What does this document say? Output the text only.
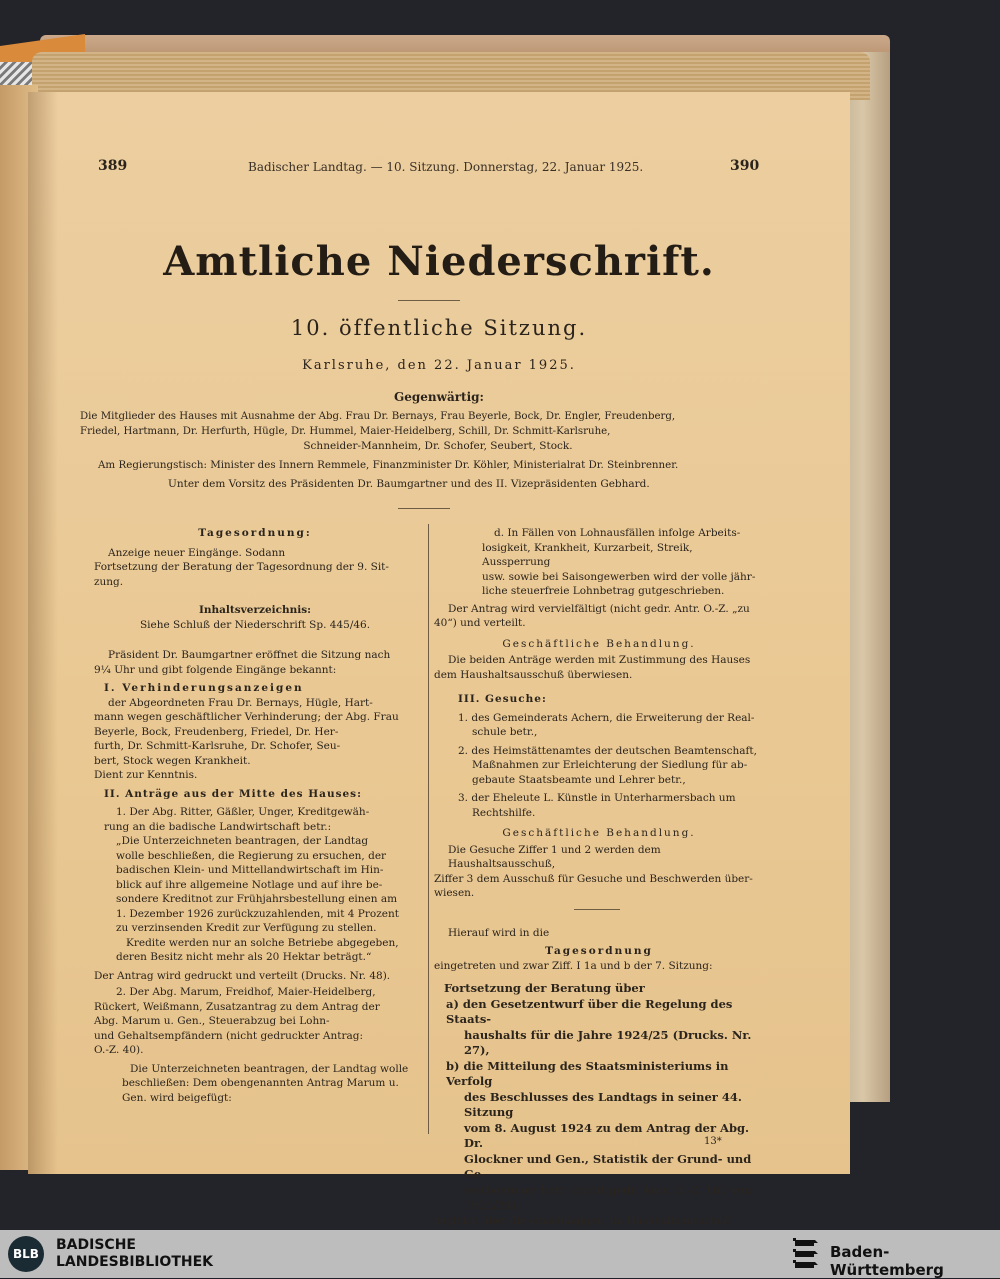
389	Badischer Landtag. — 10. Sitzung. Donnerstag, 22. Januar 1925.	390
Amtliche Niederschrift.
10. öffentliche Sitzung.
Karlsruhe, den 22. Januar 1925.
Gegenwärtig:
Die Mitglieder des Hauses mit Ausnahme der Abg. Frau Dr. Bernays, Frau Beyerle, Bock, Dr. Engler, Freudenberg,
Friedel, Hartmann, Dr. Herfurth, Hügle, Dr. Hummel, Maier-Heidelberg, Schill, Dr. Schmitt-Karlsruhe,
Schneider-Mannheim, Dr. Schofer, Seubert, Stock.
Am Regierungstisch: Minister des Innern Remmele, Finanzminister Dr. Köhler, Ministerialrat Dr. Steinbrenner.
Unter dem Vorsitz des Präsidenten Dr. Baumgartner und des II. Vizepräsidenten Gebhard.
Tagesordnung:
Anzeige neuer Eingänge. Sodann
Fortsetzung der Beratung der Tagesordnung der 9. Sit-
zung.
Inhaltsverzeichnis:
Siehe Schluß der Niederschrift Sp. 445/46.
Präsident Dr. Baumgartner eröffnet die Sitzung nach
9¼ Uhr und gibt folgende Eingänge bekannt:
I. Verhinderungsanzeigen
der Abgeordneten Frau Dr. Bernays, Hügle, Hart-
mann wegen geschäftlicher Verhinderung; der Abg. Frau
Beyerle, Bock, Freudenberg, Friedel, Dr. Her-
furth, Dr. Schmitt-Karlsruhe, Dr. Schofer, Seu-
bert, Stock wegen Krankheit.
Dient zur Kenntnis.
II. Anträge aus der Mitte des Hauses:
1. Der Abg. Ritter, Gäßler, Unger, Kreditgewäh-
rung an die badische Landwirtschaft betr.:
„Die Unterzeichneten beantragen, der Landtag
wolle beschließen, die Regierung zu ersuchen, der
badischen Klein- und Mittellandwirtschaft im Hin-
blick auf ihre allgemeine Notlage und auf ihre be-
sondere Kreditnot zur Frühjahrsbestellung einen am
1. Dezember 1926 zurückzuzahlenden, mit 4 Prozent
zu verzinsenden Kredit zur Verfügung zu stellen.
Kredite werden nur an solche Betriebe abgegeben,
deren Besitz nicht mehr als 20 Hektar beträgt.“
Der Antrag wird gedruckt und verteilt (Drucks. Nr. 48).
2. Der Abg. Marum, Freidhof, Maier-Heidelberg,
Rückert, Weißmann, Zusatzantrag zu dem Antrag der
Abg. Marum u. Gen., Steuerabzug bei Lohn-
und Gehaltsempfändern (nicht gedruckter Antrag:
O.-Z. 40).
Die Unterzeichneten beantragen, der Landtag wolle
beschließen: Dem obengenannten Antrag Marum u.
Gen. wird beigefügt:
d. In Fällen von Lohnausfällen infolge Arbeits-
losigkeit, Krankheit, Kurzarbeit, Streik, Aussperrung
usw. sowie bei Saisongewerben wird der volle jähr-
liche steuerfreie Lohnbetrag gutgeschrieben.
Der Antrag wird vervielfältigt (nicht gedr. Antr. O.-Z. „zu
40“) und verteilt.
Geschäftliche Behandlung.
Die beiden Anträge werden mit Zustimmung des Hauses
dem Haushaltsausschuß überwiesen.
III. Gesuche:
1. des Gemeinderats Achern, die Erweiterung der Real-
schule betr.,
2. des Heimstättenamtes der deutschen Beamtenschaft,
Maßnahmen zur Erleichterung der Siedlung für ab-
gebaute Staatsbeamte und Lehrer betr.,
3. der Eheleute L. Künstle in Unterharmersbach um
Rechtshilfe.
Geschäftliche Behandlung.
Die Gesuche Ziffer 1 und 2 werden dem Haushaltsausschuß,
Ziffer 3 dem Ausschuß für Gesuche und Beschwerden über-
wiesen.
Hierauf wird in die
Tagesordnung
eingetreten und zwar Ziff. I 1a und b der 7. Sitzung:
Fortsetzung der Beratung über
a) den Gesetzentwurf über die Regelung des Staats-
haushalts für die Jahre 1924/25 (Drucks. Nr. 27),
b) die Mitteilung des Staatsministeriums in Verfolg
des Beschlusses des Landtags in seiner 44. Sitzung
vom 8. August 1924 zu dem Antrag der Abg. Dr.
Glockner und Gen., Statistik der Grund- und Ge-
werbesteuer betr. (nicht gedr. Antr. O.-Z. 161 von
1923/24),
zugleich über die einschlägigen, im Haushaltsausschuß
13*
BLB
BADISCHE
LANDESBIBLIOTHEK
Baden-Württemberg
